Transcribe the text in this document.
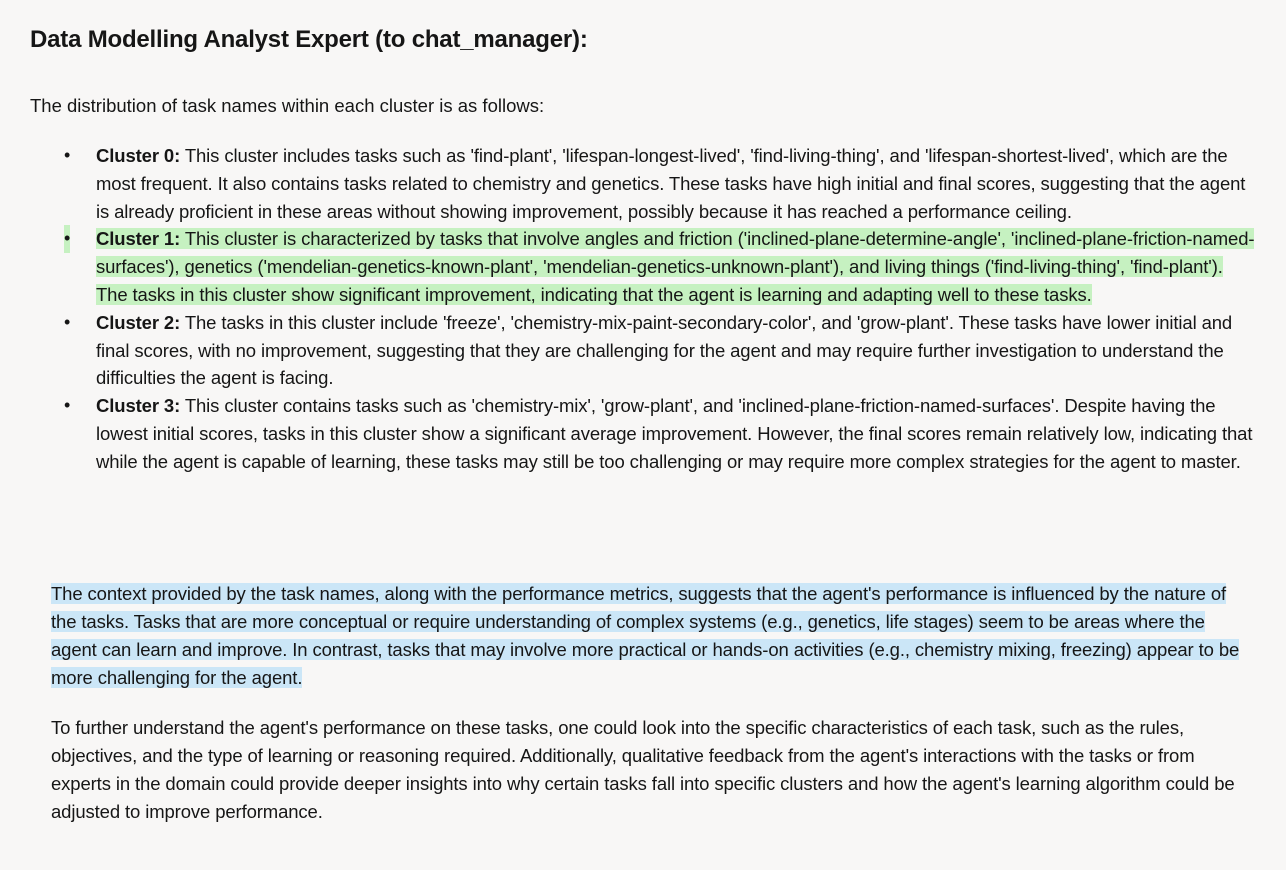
Data Modelling Analyst Expert (to chat_manager):

The distribution of task names within each cluster is as follows:

• Cluster 0: This cluster includes tasks such as 'find-plant', 'lifespan-longest-lived', 'find-living-thing', and 'lifespan-shortest-lived', which are the most frequent. It also contains tasks related to chemistry and genetics. These tasks have high initial and final scores, suggesting that the agent is already proficient in these areas without showing improvement, possibly because it has reached a performance ceiling.
• Cluster 1: This cluster is characterized by tasks that involve angles and friction ('inclined-plane-determine-angle', 'inclined-plane-friction-named-surfaces'), genetics ('mendelian-genetics-known-plant', 'mendelian-genetics-unknown-plant'), and living things ('find-living-thing', 'find-plant'). The tasks in this cluster show significant improvement, indicating that the agent is learning and adapting well to these tasks.
• Cluster 2: The tasks in this cluster include 'freeze', 'chemistry-mix-paint-secondary-color', and 'grow-plant'. These tasks have lower initial and final scores, with no improvement, suggesting that they are challenging for the agent and may require further investigation to understand the difficulties the agent is facing.
• Cluster 3: This cluster contains tasks such as 'chemistry-mix', 'grow-plant', and 'inclined-plane-friction-named-surfaces'. Despite having the lowest initial scores, tasks in this cluster show a significant average improvement. However, the final scores remain relatively low, indicating that while the agent is capable of learning, these tasks may still be too challenging or may require more complex strategies for the agent to master.

The context provided by the task names, along with the performance metrics, suggests that the agent's performance is influenced by the nature of the tasks. Tasks that are more conceptual or require understanding of complex systems (e.g., genetics, life stages) seem to be areas where the agent can learn and improve. In contrast, tasks that may involve more practical or hands-on activities (e.g., chemistry mixing, freezing) appear to be more challenging for the agent.

To further understand the agent's performance on these tasks, one could look into the specific characteristics of each task, such as the rules, objectives, and the type of learning or reasoning required. Additionally, qualitative feedback from the agent's interactions with the tasks or from experts in the domain could provide deeper insights into why certain tasks fall into specific clusters and how the agent's learning algorithm could be adjusted to improve performance.
